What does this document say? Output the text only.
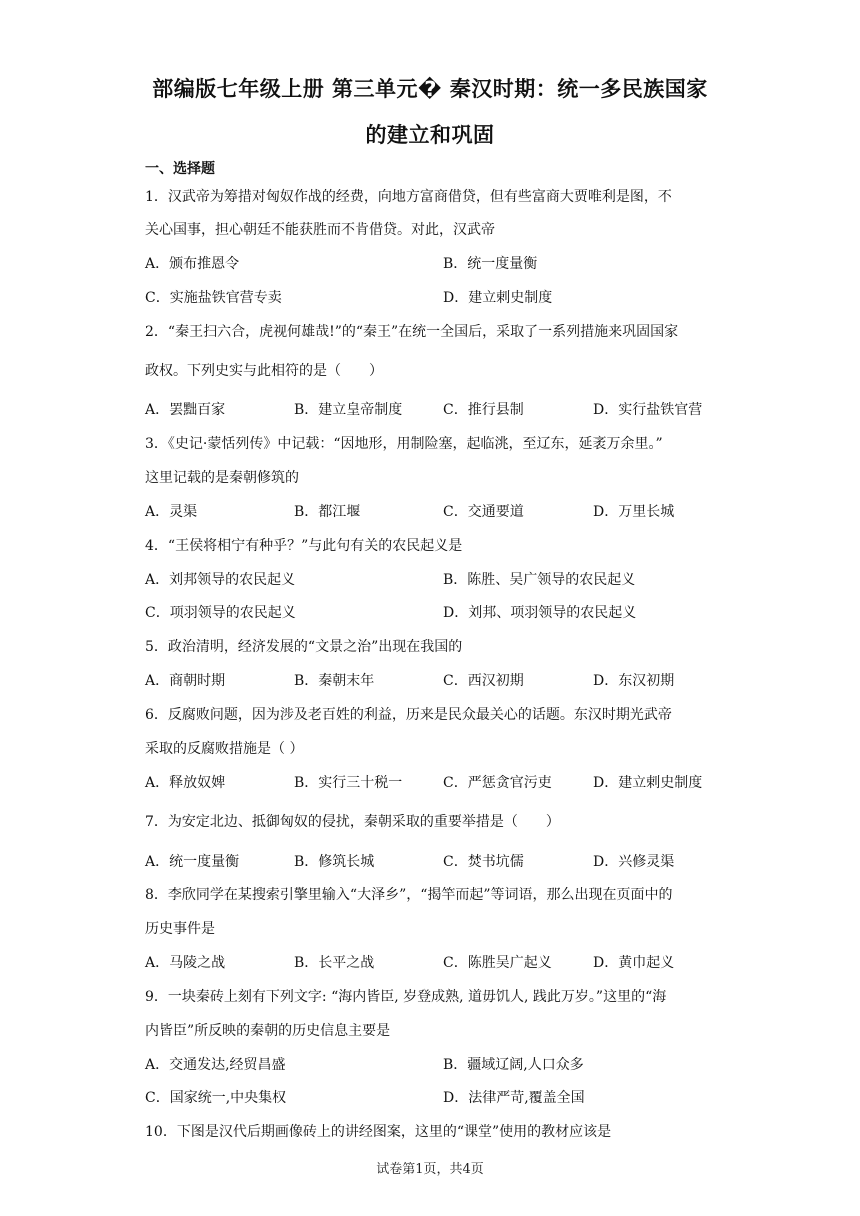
部编版七年级上册 第三单元� 秦汉时期：统一多民族国家
的建立和巩固
一、选择题
1．汉武帝为筹措对匈奴作战的经费，向地方富商借贷，但有些富商大贾唯利是图，不
关心国事，担心朝廷不能获胜而不肯借贷。对此，汉武帝
A．颁布推恩令	B．统一度量衡
C．实施盐铁官营专卖	D．建立剌史制度
2．“秦王扫六合，虎视何雄哉!”的“秦王”在统一全国后，采取了一系列措施来巩固国家
政权。下列史实与此相符的是（　　）
A．罢黜百家	B．建立皇帝制度	C．推行县制	D．实行盐铁官营
3．《史记·蒙恬列传》中记载：“因地形，用制险塞，起临洮，至辽东，延袤万余里。”
这里记载的是秦朝修筑的
A．灵渠	B．都江堰	C．交通要道	D．万里长城
4．“王侯将相宁有种乎？”与此句有关的农民起义是
A．刘邦领导的农民起义	B．陈胜、吴广领导的农民起义
C．项羽领导的农民起义	D．刘邦、项羽领导的农民起义
5．政治清明，经济发展的“文景之治”出现在我国的
A．商朝时期	B．秦朝末年	C．西汉初期	D．东汉初期
6．反腐败问题，因为涉及老百姓的利益，历来是民众最关心的话题。东汉时期光武帝
采取的反腐败措施是（ ）
A．释放奴婢	B．实行三十税一	C．严惩贪官污吏	D．建立剌史制度
7．为安定北边、抵御匈奴的侵扰，秦朝采取的重要举措是（　　）
A．统一度量衡	B．修筑长城	C．焚书坑儒	D．兴修灵渠
8．李欣同学在某搜索引擎里输入“大泽乡”，“揭竿而起”等词语，那么出现在页面中的
历史事件是
A．马陵之战	B．长平之战	C．陈胜吴广起义	D．黄巾起义
9．一块秦砖上刻有下列文字: “海内皆臣, 岁登成熟, 道毋饥人, 践此万岁。”这里的“海
内皆臣”所反映的秦朝的历史信息主要是
A．交通发达,经贸昌盛	B．疆域辽阔,人口众多
C．国家统一,中央集权	D．法律严苛,覆盖全国
10．下图是汉代后期画像砖上的讲经图案，这里的“课堂”使用的教材应该是
试卷第1页，共4页
